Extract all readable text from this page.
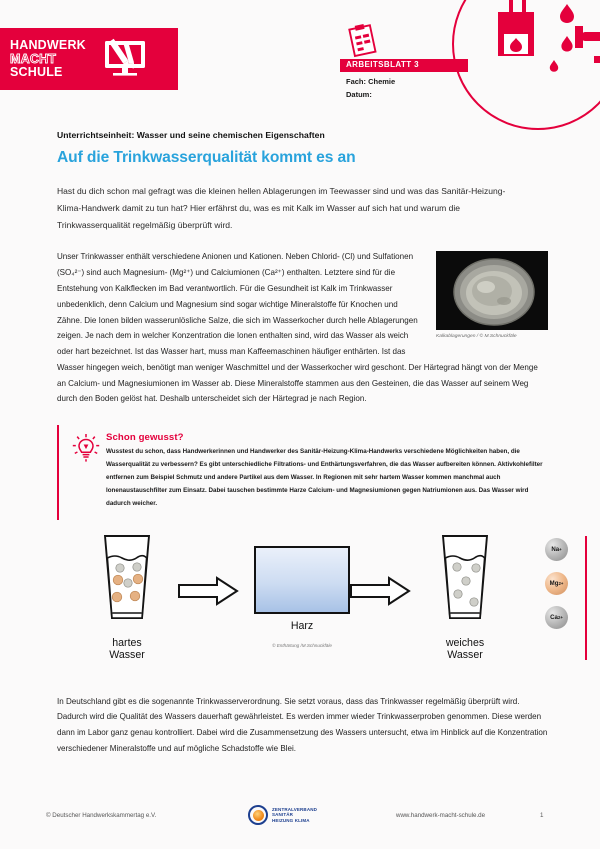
HANDWERK
MACHT
SCHULE
ARBEITSBLATT 3
Fach: Chemie
Datum:
Unterrichtseinheit: Wasser und seine chemischen Eigenschaften
Auf die Trinkwasserqualität kommt es an
Hast du dich schon mal gefragt was die kleinen hellen Ablagerungen im Teewasser sind und was das Sanitär-Heizung-Klima-Handwerk damit zu tun hat? Hier erfährst du, was es mit Kalk im Wasser auf sich hat und warum die Trinkwasserqualität regelmäßig überprüft wird.
Kalkablagerungen / © M.Schnuckfäle

Unser Trinkwasser enthält verschiedene Anionen und Kationen. Neben Chlorid- (Cl) und Sulfationen (SO₄²⁻) sind auch Magnesium- (Mg²⁺) und Calciumionen (Ca²⁺) enthalten. Letztere sind für die Entstehung von Kalkflecken im Bad verantwortlich. Für die Gesundheit ist Kalk im Trinkwasser unbedenklich, denn Calcium und Magnesium sind sogar wichtige Mineralstoffe für Knochen und Zähne. Die Ionen bilden wasserunlösliche Salze, die sich im Wasserkocher durch helle Ablagerungen zeigen. Je nach dem in welcher Konzentration die Ionen enthalten sind, wird das Wasser als weich oder hart bezeichnet. Ist das Wasser hart, muss man Kaffeemaschinen häufiger enthärten. Ist das Wasser hingegen weich, benötigt man weniger Waschmittel und der Wasserkocher wird geschont. Der Härtegrad hängt von der Menge an Calcium- und Magnesiumionen im Wasser ab. Diese Mineralstoffe stammen aus den Gesteinen, die das Wasser auf seinem Weg durch den Boden gelöst hat. Deshalb unterscheidet sich der Härtegrad je nach Region.

Schon gewusst?
Wusstest du schon, dass Handwerkerinnen und Handwerker des Sanitär-Heizung-Klima-Handwerks verschiedene Möglichkeiten haben, die Wasserqualität zu verbessern? Es gibt unterschiedliche Filtrations- und Enthärtungsverfahren, die das Wasser aufbereiten können. Aktivkohlefilter entfernen zum Beispiel Schmutz und andere Partikel aus dem Wasser. In Regionen mit sehr hartem Wasser kommen manchmal auch Ionenaustauschfilter zum Einsatz. Dabei tauschen bestimmte Harze Calcium- und Magnesiumionen gegen Natriumionen aus. Das Wasser wird dadurch weicher.
hartes
Wasser
Harz
© Enthärtung /M.Schnuckfäle	weiches
Wasser
Na +
Mg 2+
Ca 2+
In Deutschland gibt es die sogenannte Trinkwasserverordnung. Sie setzt voraus, dass das Trinkwasser regelmäßig überprüft wird. Dadurch wird die Qualität des Wassers dauerhaft gewährleistet. Es werden immer wieder Trinkwasserproben genommen. Diese werden dann im Labor ganz genau kontrolliert. Dabei wird die Zusammensetzung des Wassers untersucht, etwa im Hinblick auf die Konzentration verschiedener Mineralstoffe und auf mögliche Schadstoffe wie Blei.
© Deutscher Handwerkskammertag e.V.
ZENTRALVERBAND
SANITÄR
HEIZUNG KLIMA
www.handwerk-macht-schule.de	1
